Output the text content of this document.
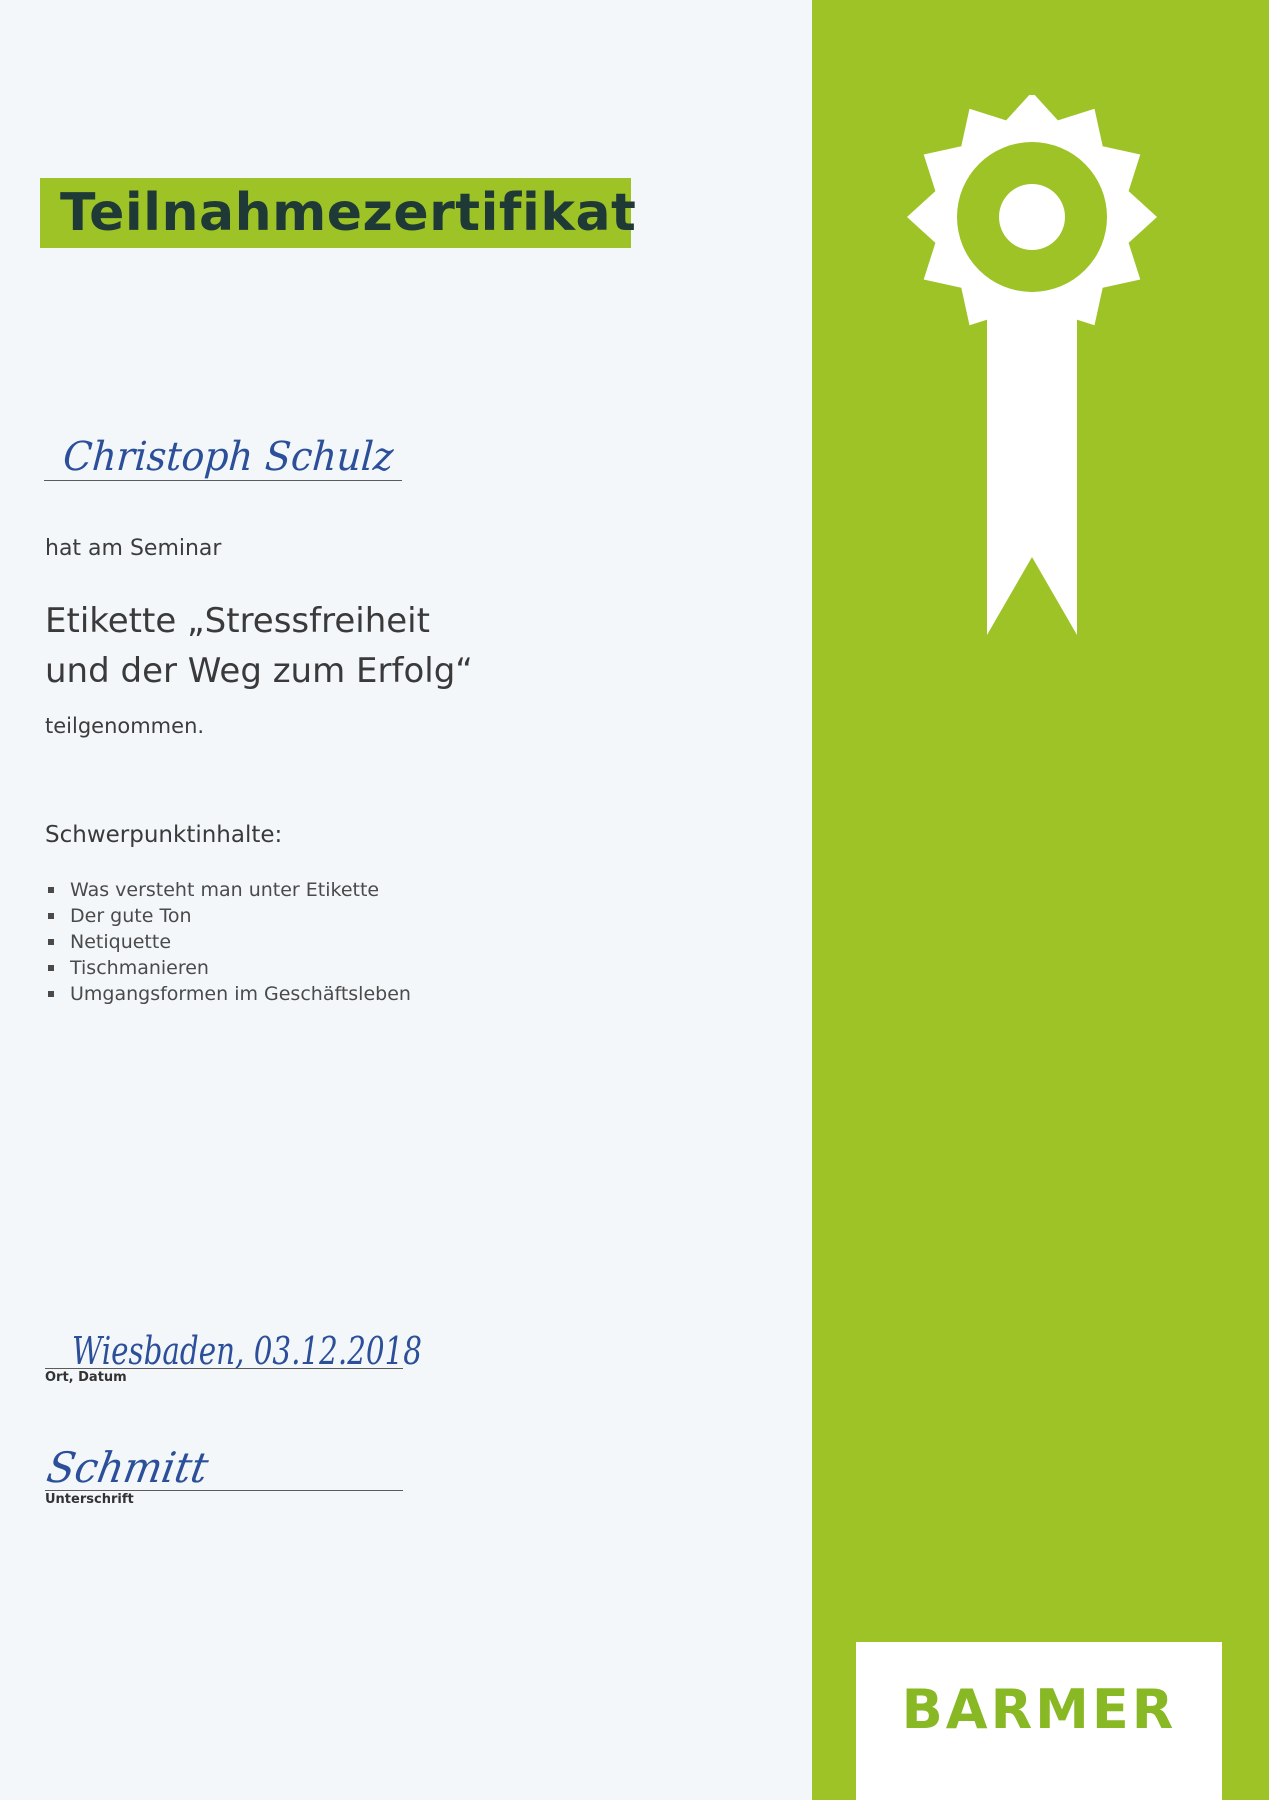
Teilnahmezertifikat
Christoph Schulz
hat am Seminar
Etikette „Stressfreiheit
und der Weg zum Erfolg“
teilgenommen.
Schwerpunktinhalte:
Was versteht man unter Etikette
Der gute Ton
Netiquette
Tischmanieren
Umgangsformen im Geschäftsleben
Wiesbaden, 03.12.2018
Ort, Datum
Schmitt
Unterschrift
BARMER
